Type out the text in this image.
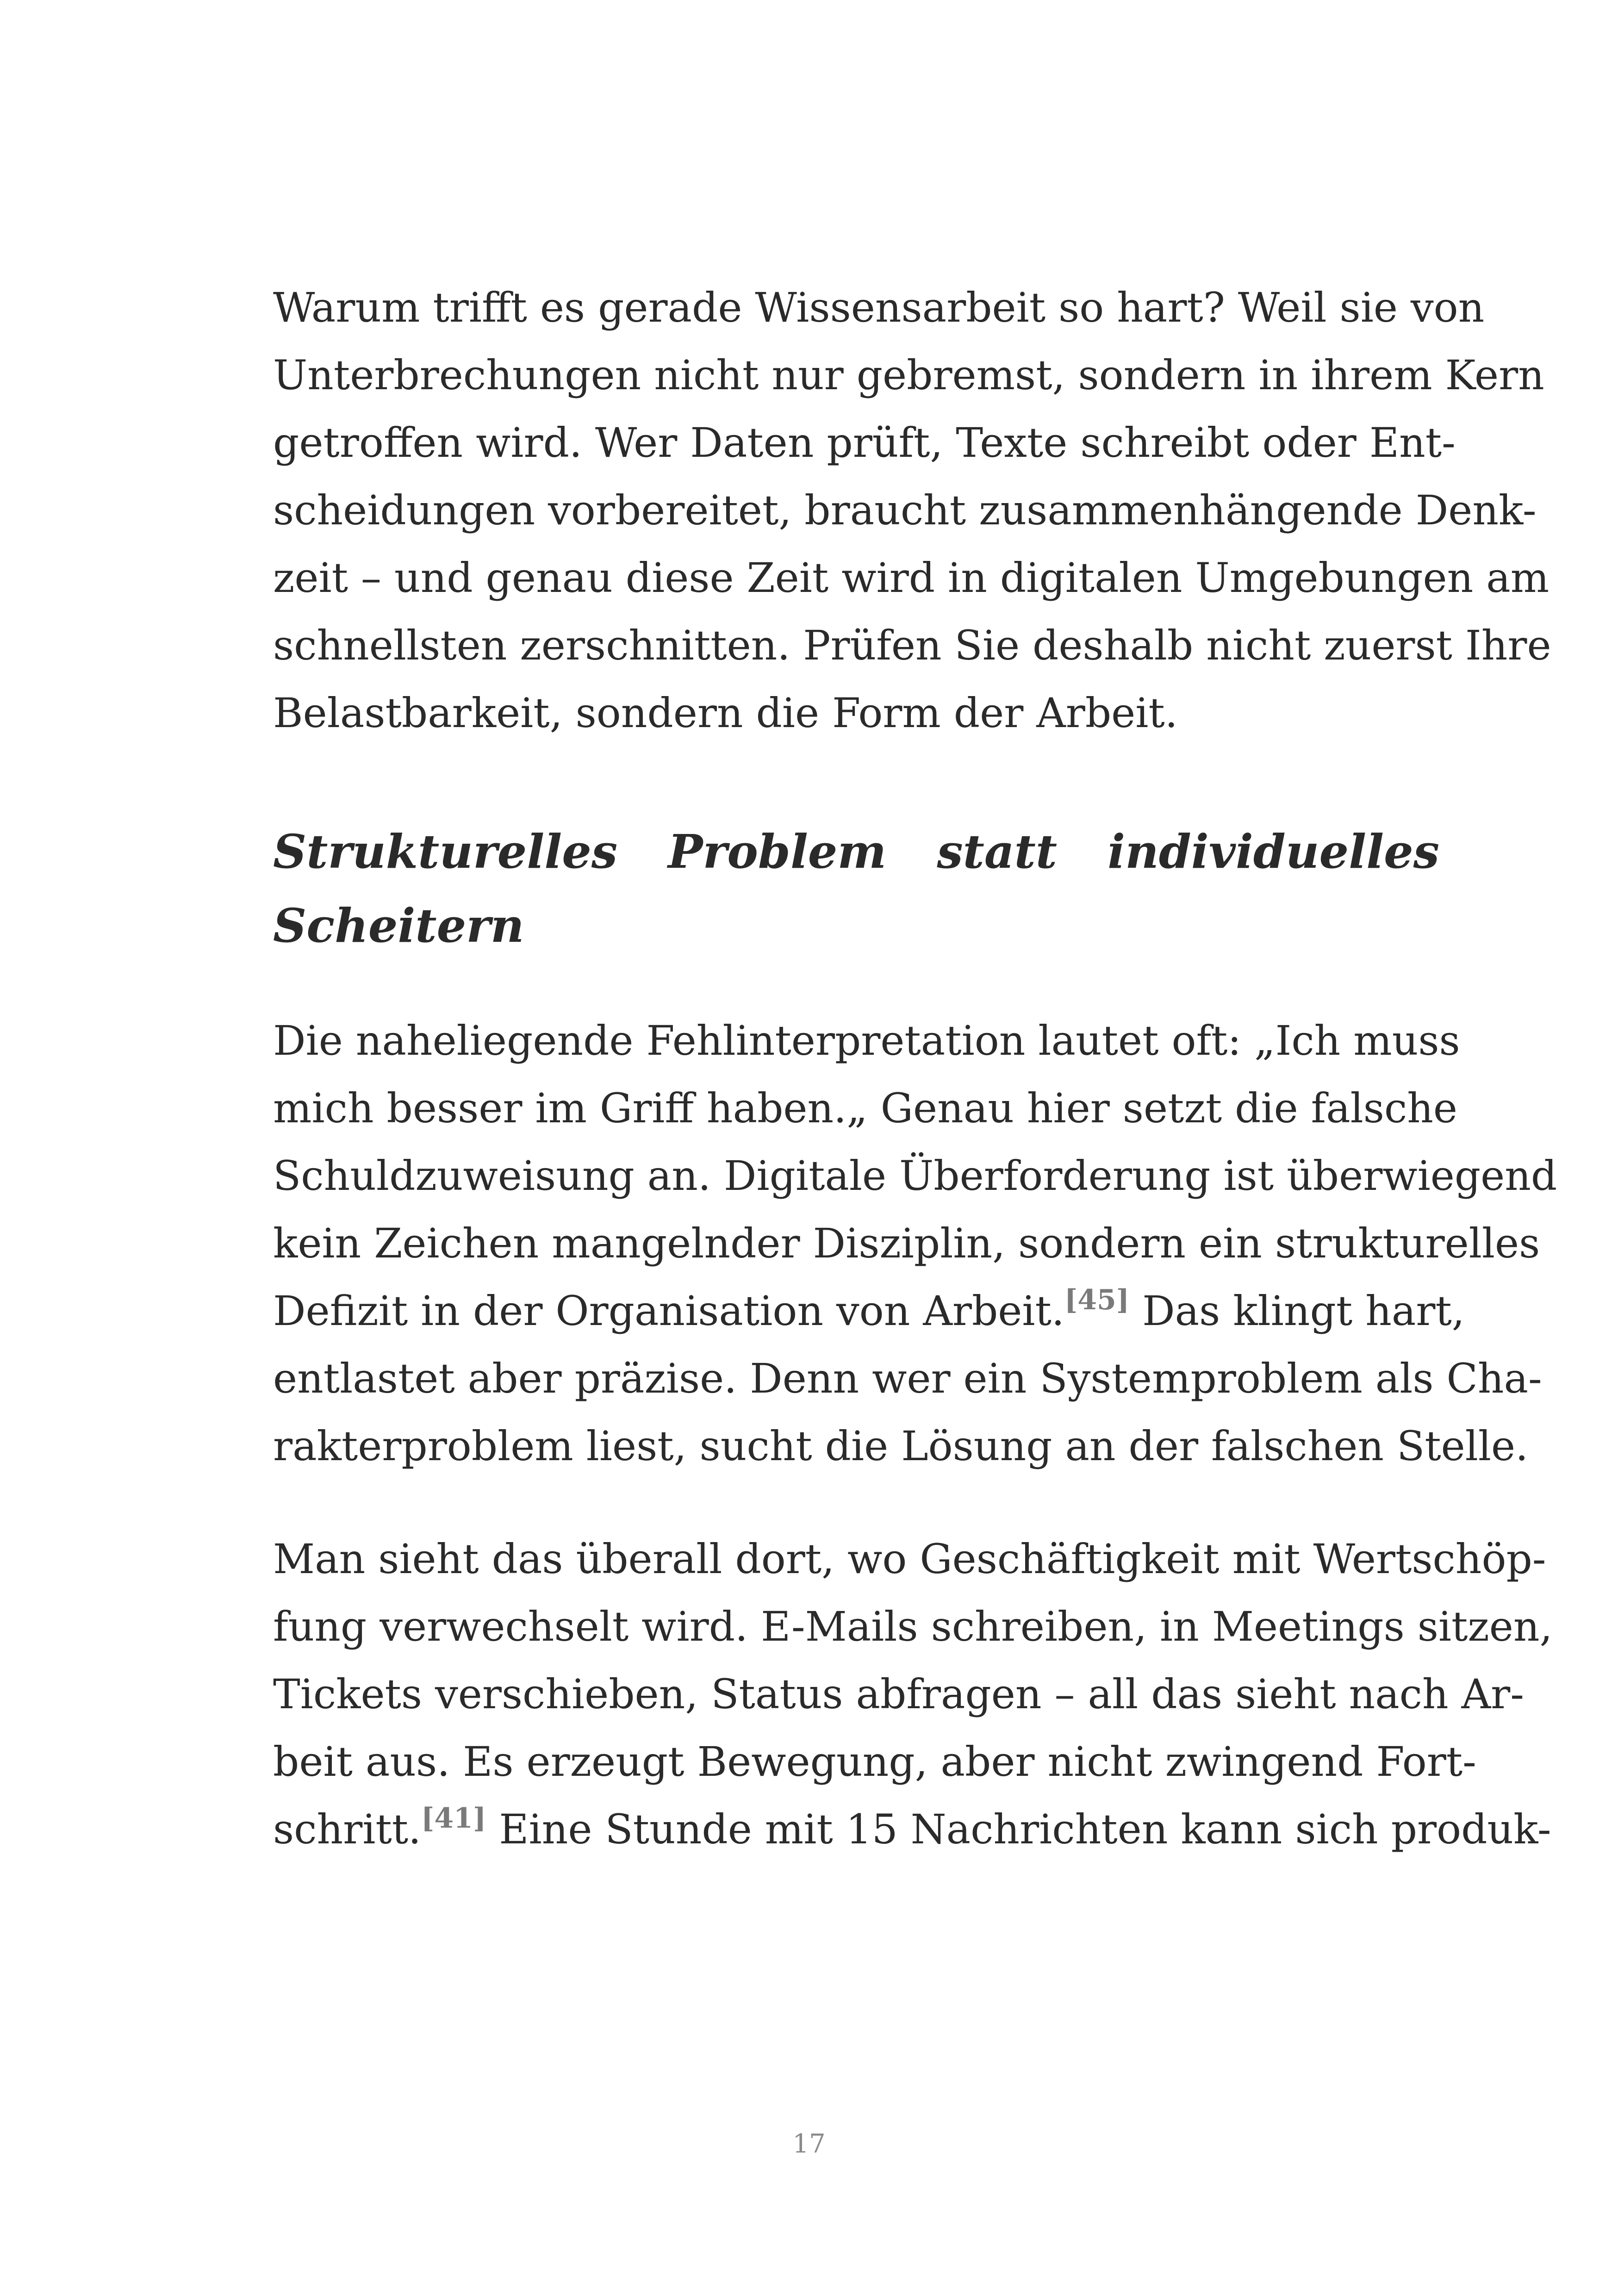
Warum trifft es gerade Wissensarbeit so hart? Weil sie von
Unterbrechungen nicht nur gebremst, sondern in ihrem Kern
getroffen wird. Wer Daten prüft, Texte schreibt oder Ent-
scheidungen vorbereitet, braucht zusammenhängende Denk-
zeit – und genau diese Zeit wird in digitalen Umgebungen am
schnellsten zerschnitten. Prüfen Sie deshalb nicht zuerst Ihre
Belastbarkeit, sondern die Form der Arbeit.
Strukturelles Problem statt individuelles
Scheitern
Die naheliegende Fehlinterpretation lautet oft: „Ich muss
mich besser im Griff haben.„ Genau hier setzt die falsche
Schuldzuweisung an. Digitale Überforderung ist überwiegend
kein Zeichen mangelnder Disziplin, sondern ein strukturelles
Defizit in der Organisation von Arbeit.[45] Das klingt hart,
entlastet aber präzise. Denn wer ein Systemproblem als Cha-
rakterproblem liest, sucht die Lösung an der falschen Stelle.
Man sieht das überall dort, wo Geschäftigkeit mit Wertschöp-
fung verwechselt wird. E-Mails schreiben, in Meetings sitzen,
Tickets verschieben, Status abfragen – all das sieht nach Ar-
beit aus. Es erzeugt Bewegung, aber nicht zwingend Fort-
schritt.[41] Eine Stunde mit 15 Nachrichten kann sich produk-
17
